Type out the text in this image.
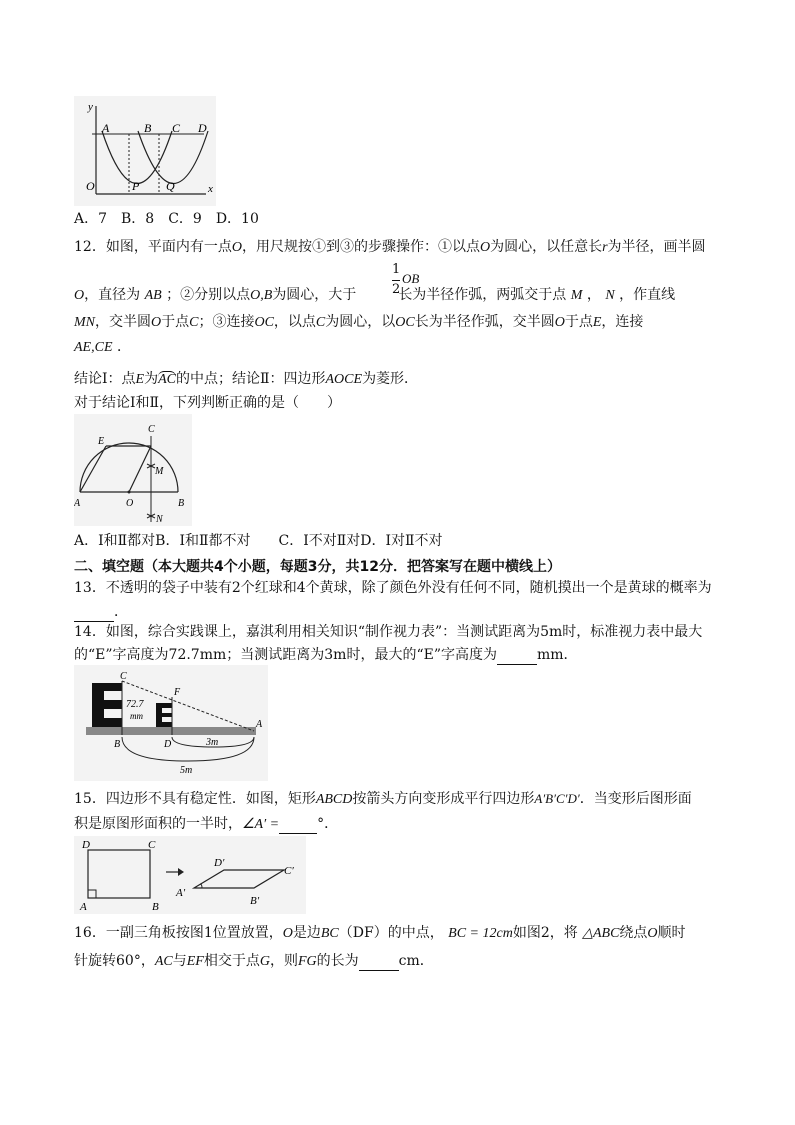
y
x
O
A	B C D
P Q
A．7　B．8　C．9　D．10
12．如图，平面内有一点O，用尺规按①到③的步骤操作：①以点O为圆心，以任意长r为半径，画半圆
1
2
OB
O，直径为 AB ；②分别以点O,B为圆心，大于	长为半径作弧，两弧交于点 M ， N ，作直线
MN，交半圆O于点C；③连接OC，以点C为圆心，以OC长为半径作弧，交半圆O于点E，连接
AE,CE ．
结论Ⅰ：点E为AC的中点；结论Ⅱ：四边形AOCE为菱形．
对于结论Ⅰ和Ⅱ，下列判断正确的是（　　）
E
C
M
A	O	B
N
A．Ⅰ和Ⅱ都对B．Ⅰ和Ⅱ都不对　　C．Ⅰ不对Ⅱ对D．Ⅰ对Ⅱ不对
二、填空题（本大题共4个小题，每题3分，共12分．把答案写在题中横线上）
13．不透明的袋子中装有2个红球和4个黄球，除了颜色外没有任何不同，随机摸出一个是黄球的概率为
．
14．如图，综合实践课上，嘉淇利用相关知识“制作视力表”：当测试距离为5m时，标准视力表中最大
的“E”字高度为72.7mm；当测试距离为3m时，最大的“E”字高度为	mm．
C
F
A
B	D
72.7
mm
3m
5m
15．四边形不具有稳定性．如图，矩形ABCD按箭头方向变形成平行四边形A′B′C′D′．当变形后图形面
积是原图形面积的一半时，∠A′ =	°．
D	C
A	B
D′
C′
A′
B′
16．一副三角板按图1位置放置，O是边BC（DF）的中点， BC = 12cm如图2，将 △ABC绕点O顺时
针旋转60°，AC与EF相交于点G，则FG的长为	cm．
